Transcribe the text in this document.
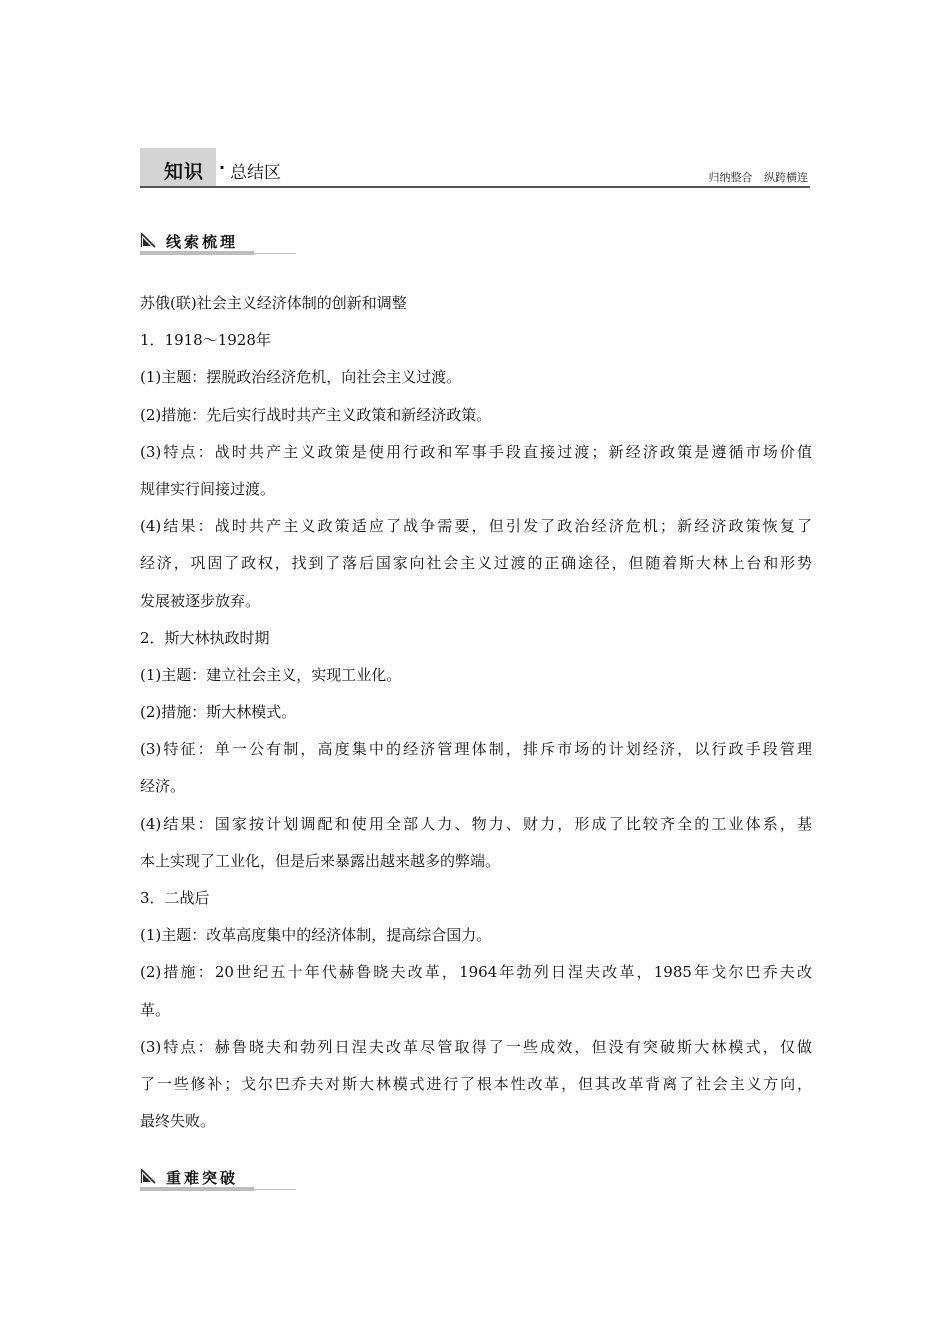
知识 · 总结区	归纳整合 纵跨横连
线索梳理

苏俄(联)社会主义经济体制的创新和调整

1．1918～1928年

(1)主题：摆脱政治经济危机，向社会主义过渡。

(2)措施：先后实行战时共产主义政策和新经济政策。

(3)特点：战时共产主义政策是使用行政和军事手段直接过渡；新经济政策是遵循市场价值

规律实行间接过渡。

(4)结果：战时共产主义政策适应了战争需要，但引发了政治经济危机；新经济政策恢复了

经济，巩固了政权，找到了落后国家向社会主义过渡的正确途径，但随着斯大林上台和形势

发展被逐步放弃。

2．斯大林执政时期

(1)主题：建立社会主义，实现工业化。

(2)措施：斯大林模式。

(3)特征：单一公有制，高度集中的经济管理体制，排斥市场的计划经济，以行政手段管理

经济。

(4)结果：国家按计划调配和使用全部人力、物力、财力，形成了比较齐全的工业体系，基

本上实现了工业化，但是后来暴露出越来越多的弊端。

3．二战后

(1)主题：改革高度集中的经济体制，提高综合国力。

(2)措施：20世纪五十年代赫鲁晓夫改革，1964年勃列日涅夫改革，1985年戈尔巴乔夫改

革。

(3)特点：赫鲁晓夫和勃列日涅夫改革尽管取得了一些成效，但没有突破斯大林模式，仅做

了一些修补；戈尔巴乔夫对斯大林模式进行了根本性改革，但其改革背离了社会主义方向，

最终失败。

重难突破
